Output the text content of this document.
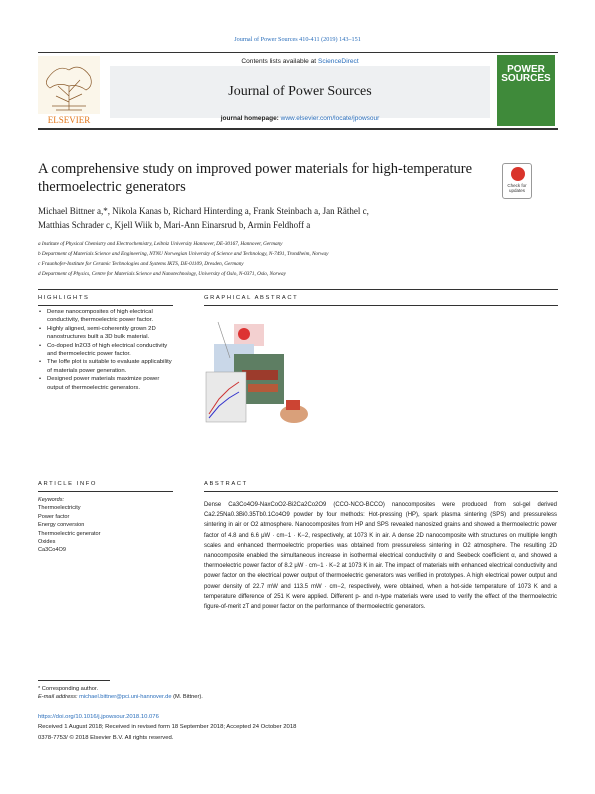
Journal of Power Sources 410-411 (2019) 143–151
ELSEVIER
Contents lists available at ScienceDirect
Journal of Power Sources
journal homepage: www.elsevier.com/locate/jpowsour
POWER SOURCES
A comprehensive study on improved power materials for high-temperature thermoelectric generators	Check for
updates
Michael Bittner a,*, Nikola Kanas b, Richard Hinterding a, Frank Steinbach a, Jan Räthel c,
Matthias Schrader c, Kjell Wiik b, Mari-Ann Einarsrud b, Armin Feldhoff a
a Institute of Physical Chemistry and Electrochemistry, Leibniz University Hannover, DE-30167, Hannover, Germany
b Department of Materials Science and Engineering, NTNU Norwegian University of Science and Technology, N-7491, Trondheim, Norway
c Fraunhofer-Institute for Ceramic Technologies and Systems IKTS, DE-01109, Dresden, Germany
d Department of Physics, Centre for Materials Science and Nanotechnology, University of Oslo, N-0371, Oslo, Norway
HIGHLIGHTS	GRAPHICAL ABSTRACT
• Dense nanocomposites of high electrical conductivity, thermoelectric power factor.
• Highly aligned, semi-coherently grown 2D nanostructures built a 3D bulk material.
• Co-doped In2O3 of high electrical conductivity and thermoelectric power factor.
• The Ioffe plot is suitable to evaluate applicability of materials power generation.
• Designed power materials maximize power output of thermoelectric generators.
ARTICLE INFO	ABSTRACT
Keywords:
Thermoelectricity
Power factor
Energy conversion
Thermoelectric generator
Oxides
Ca3Co4O9
Dense Ca3Co4O9-NaxCoO2-Bi2Ca2Co2O9 (CCO-NCO-BCCO) nanocomposites were produced from sol-gel derived Ca2.25Na0.3Bi0.35Tb0.1Co4O9 powder by four methods: Hot-pressing (HP), spark plasma sintering (SPS) and pressureless sintering in air or O2 atmosphere. Nanocomposites from HP and SPS revealed nanosized grains and showed a thermoelectric power factor of 4.8 and 6.6 μW · cm−1 · K−2, respectively, at 1073 K in air. A dense 2D nanocomposite with structures on multiple length scales and enhanced thermoelectric properties was obtained from pressureless sintering in O2 atmosphere. The resulting 2D nanocomposite enabled the simultaneous increase in isothermal electrical conductivity σ and Seebeck coefficient α, and showed a thermoelectric power factor of 8.2 μW · cm−1 · K−2 at 1073 K in air. The impact of materials with enhanced electrical conductivity and power factor on the electrical power output of thermoelectric generators was verified in prototypes. A high electrical power output and power density of 22.7 mW and 113.5 mW · cm−2, respectively, were obtained, when a hot-side temperature of 1073 K and a temperature difference of 251 K were applied. Different p- and n-type materials were used to verify the effect of the thermoelectric figure-of-merit zT and power factor on the performance of thermoelectric generators.
* Corresponding author.
E-mail address: michael.bittner@pci.uni-hannover.de (M. Bittner).
https://doi.org/10.1016/j.jpowsour.2018.10.076
Received 1 August 2018; Received in revised form 18 September 2018; Accepted 24 October 2018
0378-7753/ © 2018 Elsevier B.V. All rights reserved.
